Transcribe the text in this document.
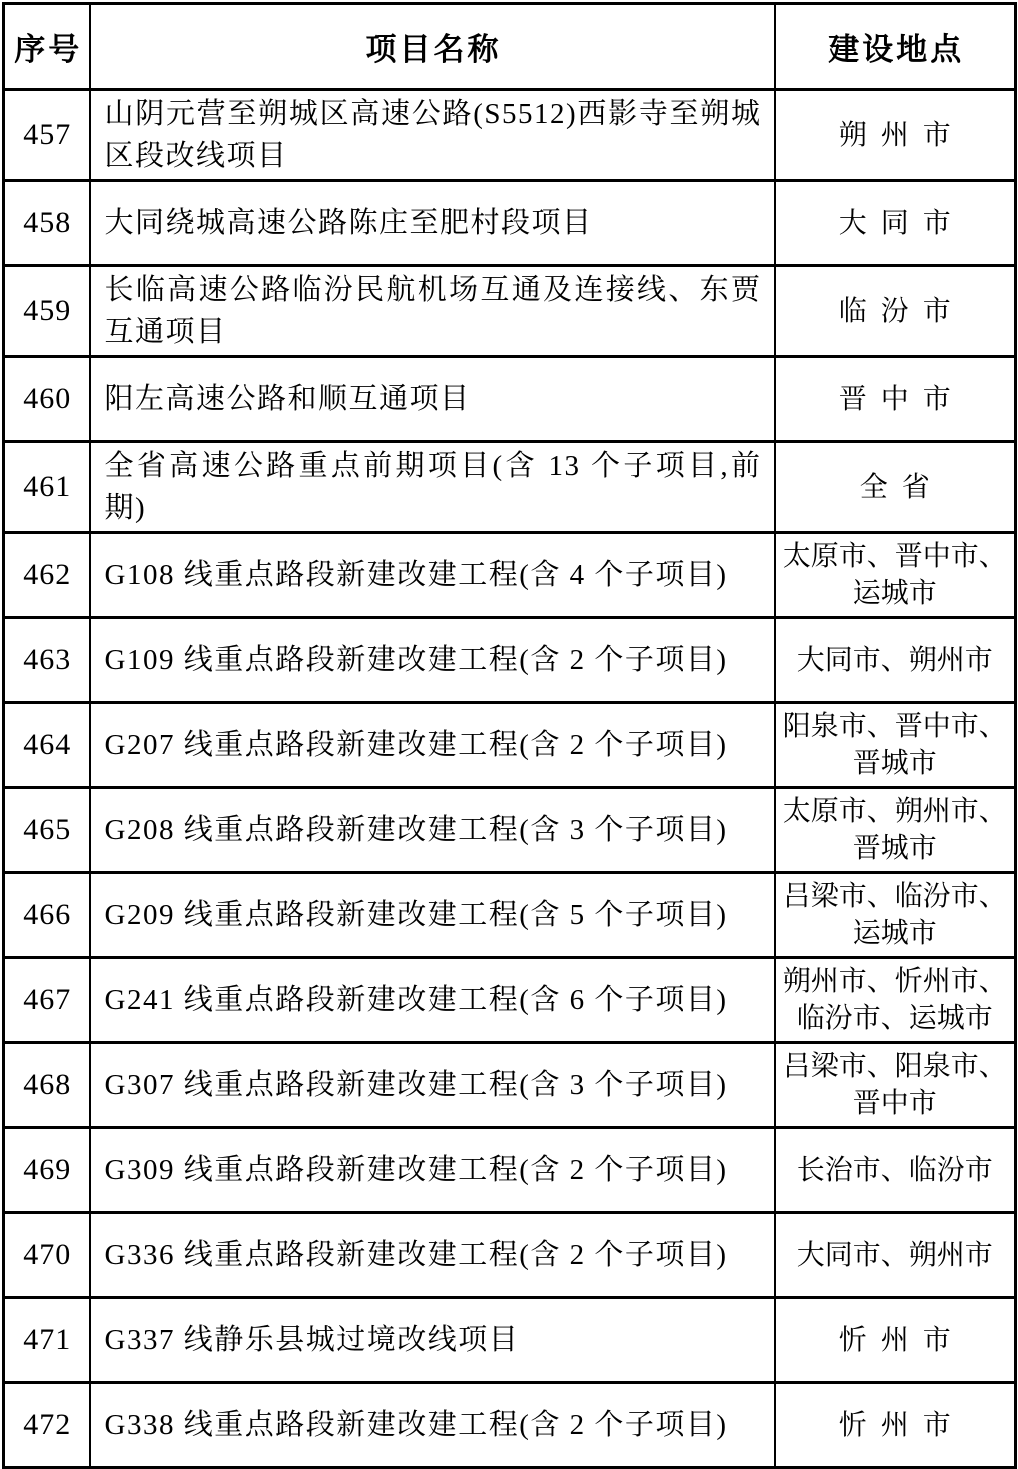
序号	项目名称	建设地点
457	山阴元营至朔城区高速公路(S5512)西影寺至朔城区段改线项目	朔州市
458	大同绕城高速公路陈庄至肥村段项目	大同市
459	长临高速公路临汾民航机场互通及连接线、东贾互通项目	临汾市
460	阳左高速公路和顺互通项目	晋中市
461	全省高速公路重点前期项目(含 13 个子项目,前期)	全省
462	G108 线重点路段新建改建工程(含 4 个子项目)	太原市、晋中市、运城市
463	G109 线重点路段新建改建工程(含 2 个子项目)	大同市、朔州市
464	G207 线重点路段新建改建工程(含 2 个子项目)	阳泉市、晋中市、晋城市
465	G208 线重点路段新建改建工程(含 3 个子项目)	太原市、朔州市、晋城市
466	G209 线重点路段新建改建工程(含 5 个子项目)	吕梁市、临汾市、运城市
467	G241 线重点路段新建改建工程(含 6 个子项目)	朔州市、忻州市、临汾市、运城市
468	G307 线重点路段新建改建工程(含 3 个子项目)	吕梁市、阳泉市、晋中市
469	G309 线重点路段新建改建工程(含 2 个子项目)	长治市、临汾市
470	G336 线重点路段新建改建工程(含 2 个子项目)	大同市、朔州市
471	G337 线静乐县城过境改线项目	忻州市
472	G338 线重点路段新建改建工程(含 2 个子项目)	忻州市
